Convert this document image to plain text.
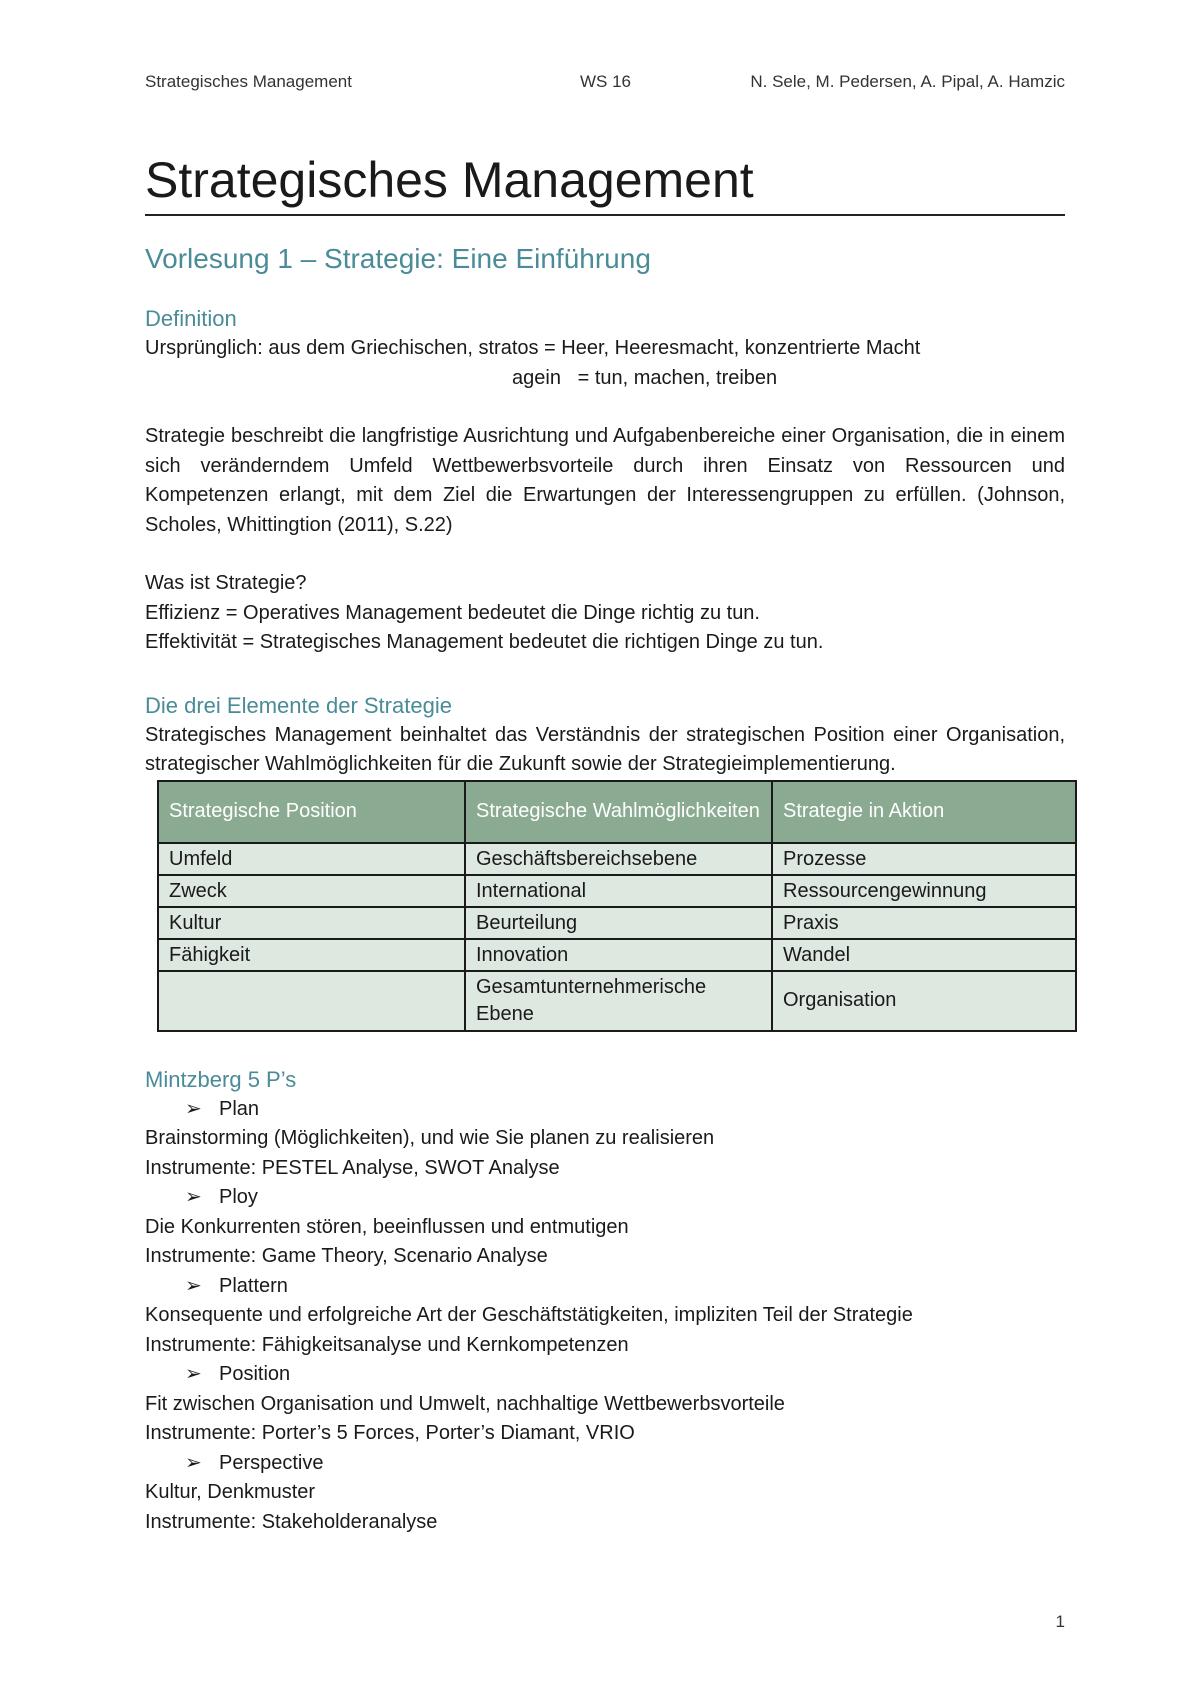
Strategisches Management	WS 16	N. Sele, M. Pedersen, A. Pipal, A. Hamzic
Strategisches Management
Vorlesung 1 – Strategie: Eine Einführung
Definition
Ursprünglich: aus dem Griechischen, stratos = Heer, Heeresmacht, konzentrierte Macht
agein   = tun, machen, treiben
Strategie beschreibt die langfristige Ausrichtung und Aufgabenbereiche einer Organisation, die in einem sich veränderndem Umfeld Wettbewerbsvorteile durch ihren Einsatz von Ressourcen und Kompetenzen erlangt, mit dem Ziel die Erwartungen der Interessengruppen zu erfüllen. (Johnson, Scholes, Whittingtion (2011), S.22)
Was ist Strategie?
Effizienz = Operatives Management bedeutet die Dinge richtig zu tun.
Effektivität = Strategisches Management bedeutet die richtigen Dinge zu tun.
Die drei Elemente der Strategie
Strategisches Management beinhaltet das Verständnis der strategischen Position einer Organisation, strategischer Wahlmöglichkeiten für die Zukunft sowie der Strategieimplementierung.
Strategische Position	Strategische Wahlmöglichkeiten	Strategie in Aktion
Umfeld	Geschäftsbereichsebene	Prozesse
Zweck	International	Ressourcengewinnung
Kultur	Beurteilung	Praxis
Fähigkeit	Innovation	Wandel
	Gesamtunternehmerische Ebene	Organisation
Mintzberg 5 P’s
➢ Plan
Brainstorming (Möglichkeiten), und wie Sie planen zu realisieren
Instrumente: PESTEL Analyse, SWOT Analyse
➢ Ploy
Die Konkurrenten stören, beeinflussen und entmutigen
Instrumente: Game Theory, Scenario Analyse
➢ Plattern
Konsequente und erfolgreiche Art der Geschäftstätigkeiten, impliziten Teil der Strategie
Instrumente: Fähigkeitsanalyse und Kernkompetenzen
➢ Position
Fit zwischen Organisation und Umwelt, nachhaltige Wettbewerbsvorteile
Instrumente: Porter’s 5 Forces, Porter’s Diamant, VRIO
➢ Perspective
Kultur, Denkmuster
Instrumente: Stakeholderanalyse
1
